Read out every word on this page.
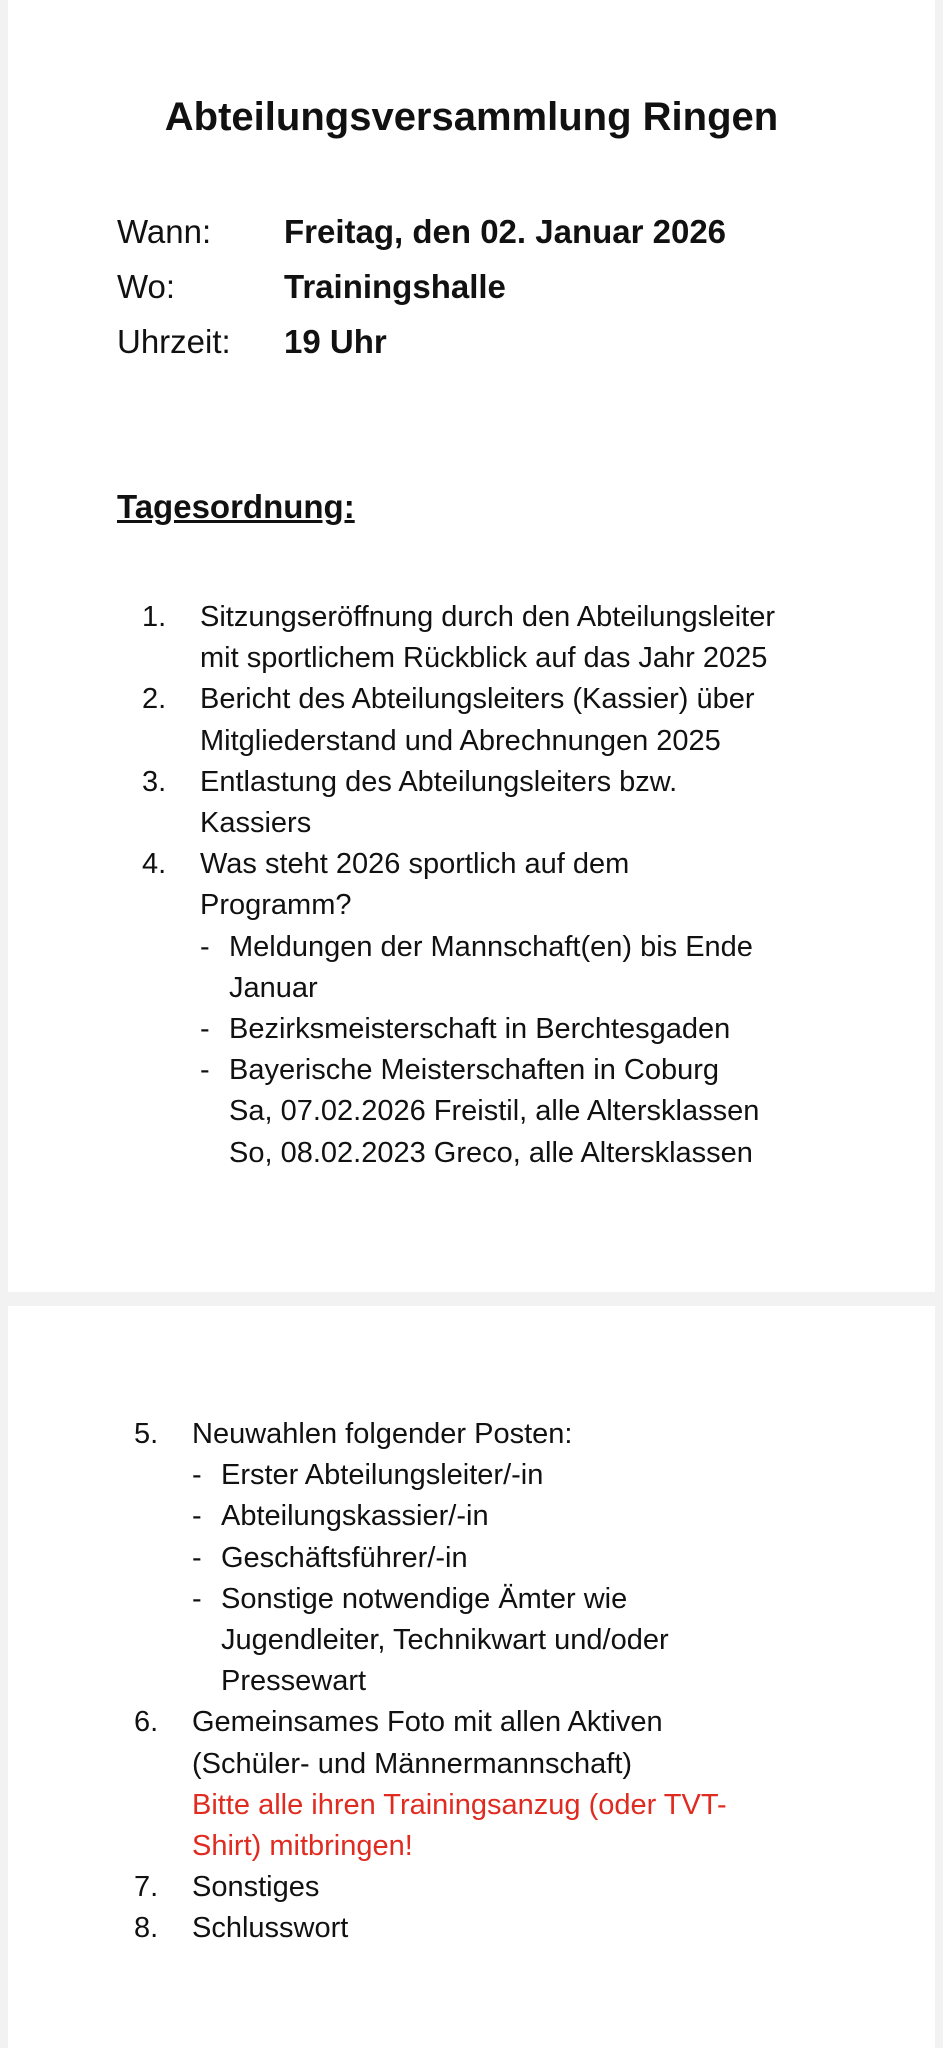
Abteilungsversammlung Ringen
Wann: Freitag, den 02. Januar 2026
Wo:	Trainingshalle
Uhrzeit: 19 Uhr
Tagesordnung:
1. Sitzungseröffnung durch den Abteilungsleiter
mit sportlichem Rückblick auf das Jahr 2025
2. Bericht des Abteilungsleiters (Kassier) über
Mitgliederstand und Abrechnungen 2025
3. Entlastung des Abteilungsleiters bzw.
Kassiers
4. Was steht 2026 sportlich auf dem
Programm?
- Meldungen der Mannschaft(en) bis Ende
Januar
- Bezirksmeisterschaft in Berchtesgaden
- Bayerische Meisterschaften in Coburg
Sa, 07.02.2026 Freistil, alle Altersklassen
So, 08.02.2023 Greco, alle Altersklassen
5. Neuwahlen folgender Posten:
- Erster Abteilungsleiter/-in
- Abteilungskassier/-in
- Geschäftsführer/-in
- Sonstige notwendige Ämter wie
Jugendleiter, Technikwart und/oder
Pressewart
6. Gemeinsames Foto mit allen Aktiven
(Schüler- und Männermannschaft)
Bitte alle ihren Trainingsanzug (oder TVT-
Shirt) mitbringen!
7. Sonstiges
8. Schlusswort
